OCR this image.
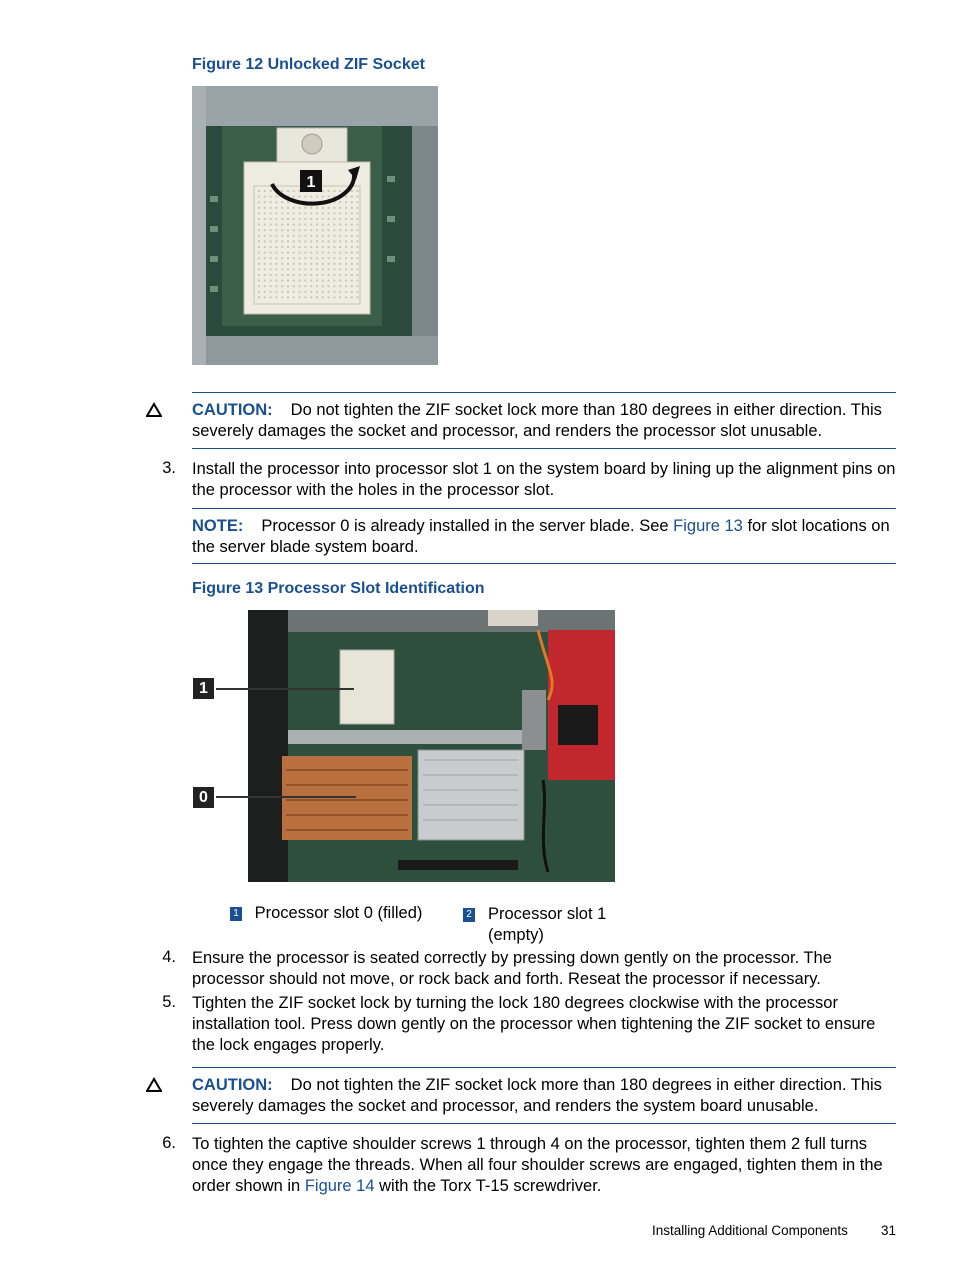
Figure 12 Unlocked ZIF Socket
1
CAUTION: Do not tighten the ZIF socket lock more than 180 degrees in either direction. This severely damages the socket and processor, and renders the processor slot unusable.
3. Install the processor into processor slot 1 on the system board by lining up the alignment pins on the processor with the holes in the processor slot.
NOTE: Processor 0 is already installed in the server blade. See Figure 13 for slot locations on the server blade system board.
Figure 13 Processor Slot Identification
1
0
1 Processor slot 0 (filled)	2 Processor slot 1 (empty)
4. Ensure the processor is seated correctly by pressing down gently on the processor. The processor should not move, or rock back and forth. Reseat the processor if necessary.
5. Tighten the ZIF socket lock by turning the lock 180 degrees clockwise with the processor installation tool. Press down gently on the processor when tightening the ZIF socket to ensure the lock engages properly.
CAUTION: Do not tighten the ZIF socket lock more than 180 degrees in either direction. This severely damages the socket and processor, and renders the system board unusable.
6. To tighten the captive shoulder screws 1 through 4 on the processor, tighten them 2 full turns once they engage the threads. When all four shoulder screws are engaged, tighten them in the order shown in Figure 14 with the Torx T-15 screwdriver.
Installing Additional Components 31
